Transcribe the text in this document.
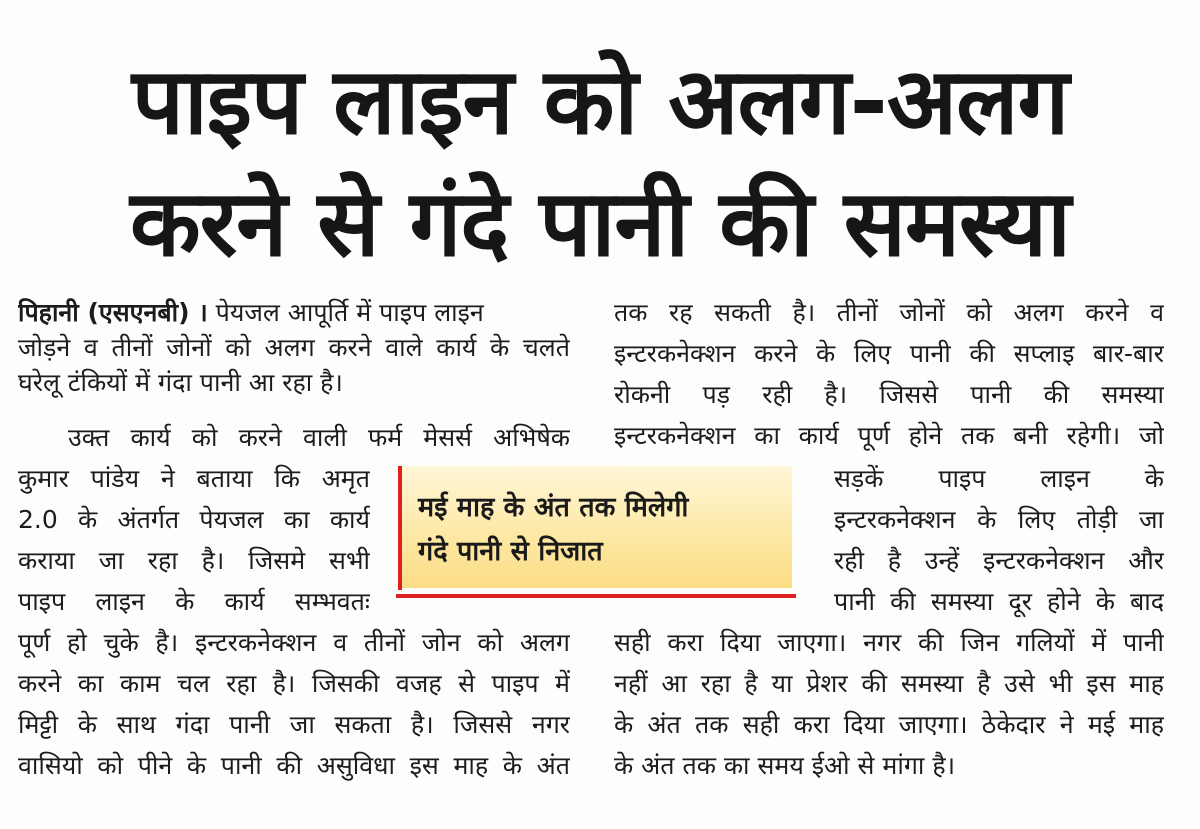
पाइप लाइन को अलग-अलग
करने से गंदे पानी की समस्या
पिहानी (एसएनबी) । पेयजल आपूर्ति में पाइप लाइन
जोड़ने व तीनों जोनों को अलग करने वाले कार्य के चलते
घरेलू टंकियों में गंदा पानी आ रहा है।
उक्त कार्य को करने वाली फर्म मेसर्स अभिषेक
कुमार पांडेय ने बताया कि अमृत
2.0 के अंतर्गत पेयजल का कार्य
कराया जा रहा है। जिसमे सभी
पाइप लाइन के कार्य सम्भवतः
पूर्ण हो चुके है। इन्टरकनेक्शन व तीनों जोन को अलग
करने का काम चल रहा है। जिसकी वजह से पाइप में
मिट्टी के साथ गंदा पानी जा सकता है। जिससे नगर
वासियो को पीने के पानी की असुविधा इस माह के अंत
तक रह सकती है। तीनों जोनों को अलग करने व
इन्टरकनेक्शन करने के लिए पानी की सप्लाइ बार-बार
रोकनी पड़ रही है। जिससे पानी की समस्या
इन्टरकनेक्शन का कार्य पूर्ण होने तक बनी रहेगी। जो
सड़कें पाइप लाइन के
इन्टरकनेक्शन के लिए तोड़ी जा
रही है उन्हें इन्टरकनेक्शन और
पानी की समस्या दूर होने के बाद
सही करा दिया जाएगा। नगर की जिन गलियों में पानी
नहीं आ रहा है या प्रेशर की समस्या है उसे भी इस माह
के अंत तक सही करा दिया जाएगा। ठेकेदार ने मई माह
के अंत तक का समय ईओ से मांगा है।
मई माह के अंत तक मिलेगी
गंदे पानी से निजात
